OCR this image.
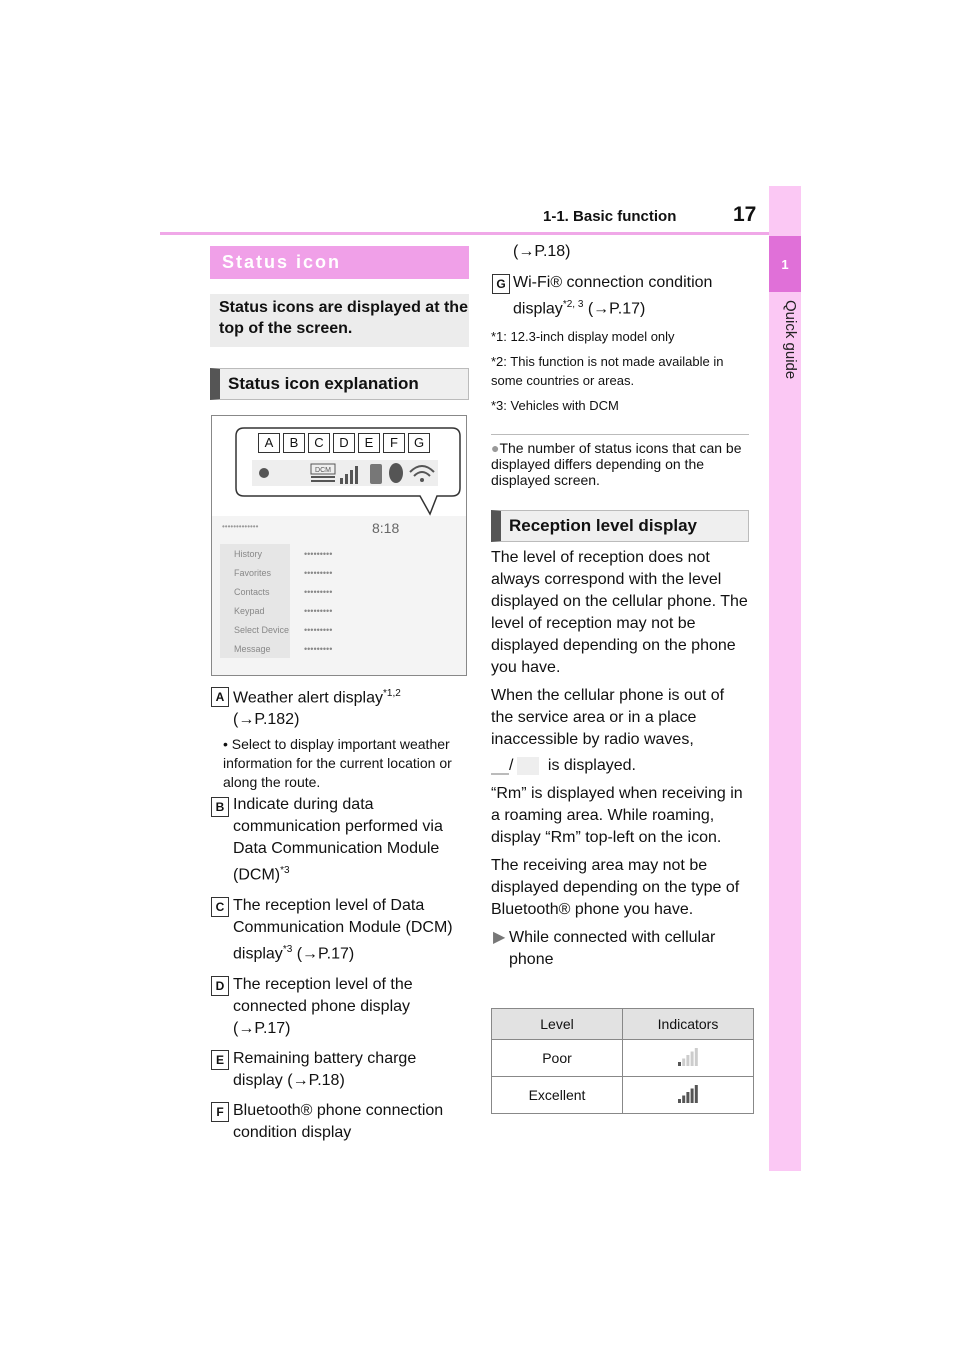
1-1. Basic function	17
1
Quick guide
Status icon
Status icons are displayed at the top of the screen.
Status icon explanation
DCM
•••••••••••••	8:18
History
Favorites
Contacts
Keypad
Select Device
Message
•••••••••
•••••••••
•••••••••
•••••••••
•••••••••
•••••••••
A B C D E F G
Weather alert display$^{*1,2}$
(→P.182)
• Select to display important weather information for the current location or along the route.
Indicate during data communication performed via Data Communication Module (DCM)$^{*3}$
The reception level of Data Communication Module (DCM) display$^{*3}$ (→P.17)
The reception level of the connected phone display (→P.17)
Remaining battery charge display (→P.18)
Bluetooth® phone connection condition display
(→P.18)
A
B
C
D
E
F
G Wi-Fi® connection condition display$^{*2, 3}$ (→P.17)
*1: 12.3-inch display model only
*2: This function is not made available in some countries or areas.
*3: Vehicles with DCM
●The number of status icons that can be displayed differs depending on the displayed screen.
Reception level display
The level of reception does not always correspond with the level displayed on the cellular phone. The level of reception may not be displayed depending on the phone you have.
When the cellular phone is out of the service area or in a place inaccessible by radio waves,
/ is displayed.
“Rm” is displayed when receiving in a roaming area. While roaming, display “Rm” top-left on the icon.
The receiving area may not be displayed depending on the type of Bluetooth® phone you have.
▶ While connected with cellular phone
Level	Indicators
Poor	
Excellent	
